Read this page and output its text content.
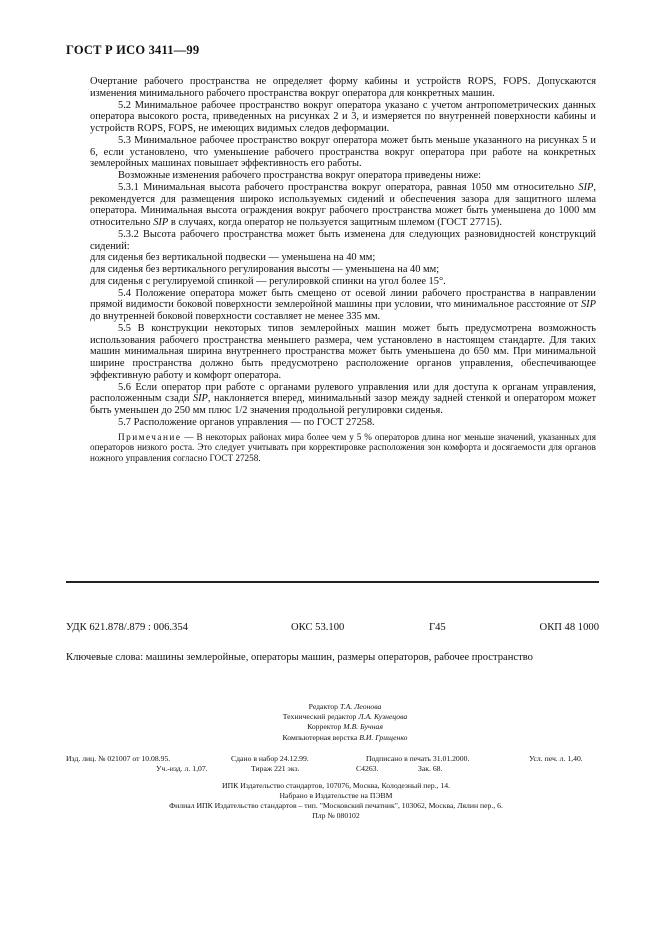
ГОСТ Р ИСО 3411—99

Очертание рабочего пространства не определяет форму кабины и устройств ROPS, FOPS. Допускаются изменения минимального рабочего пространства вокруг оператора для конкретных машин.

5.2 Минимальное рабочее пространство вокруг оператора указано с учетом антропометрических данных оператора высокого роста, приведенных на рисунках 2 и 3, и измеряется по внутренней поверхности кабины и устройств ROPS, FOPS, не имеющих видимых следов деформации.

5.3 Минимальное рабочее пространство вокруг оператора может быть меньше указанного на рисунках 5 и 6, если установлено, что уменьшение рабочего пространства вокруг оператора при работе на конкретных землеройных машинах повышает эффективность его работы.

Возможные изменения рабочего пространства вокруг оператора приведены ниже:

5.3.1 Минимальная высота рабочего пространства вокруг оператора, равная 1050 мм относительно SIP, рекомендуется для размещения широко используемых сидений и обеспечения зазора для защитного шлема оператора. Минимальная высота ограждения вокруг рабочего пространства может быть уменьшена до 1000 мм относительно SIP в случаях, когда оператор не пользуется защитным шлемом (ГОСТ 27715).

5.3.2 Высота рабочего пространства может быть изменена для следующих разновидностей конструкций сидений:

для сиденья без вертикальной подвески — уменьшена на 40 мм;

для сиденья без вертикального регулирования высоты — уменьшена на 40 мм;

для сиденья с регулируемой спинкой — регулировкой спинки на угол более 15°.

5.4 Положение оператора может быть смещено от осевой линии рабочего пространства в направлении прямой видимости боковой поверхности землеройной машины при условии, что минимальное расстояние от SIP до внутренней боковой поверхности составляет не менее 335 мм.

5.5 В конструкции некоторых типов землеройных машин может быть предусмотрена возможность использования рабочего пространства меньшего размера, чем установлено в настоящем стандарте. Для таких машин минимальная ширина внутреннего пространства может быть уменьшена до 650 мм. При минимальной ширине пространства должно быть предусмотрено расположение органов управления, обеспечивающее эффективную работу и комфорт оператора.

5.6 Если оператор при работе с органами рулевого управления или для доступа к органам управления, расположенным сзади SIP, наклоняется вперед, минимальный зазор между задней стенкой и оператором может быть уменьшен до 250 мм плюс 1/2 значения продольной регулировки сиденья.

5.7 Расположение органов управления — по ГОСТ 27258.

Примечание — В некоторых районах мира более чем у 5 % операторов длина ног меньше значений, указанных для операторов низкого роста. Это следует учитывать при корректировке расположения зон комфорта и досягаемости для органов ножного управления согласно ГОСТ 27258.

УДК 621.878/.879 : 006.354	ОКС 53.100	Г45	ОКП 48 1000
Ключевые слова: машины землеройные, операторы машин, размеры операторов, рабочее пространство
Редактор Т.А. Леонова
Технический редактор Л.А. Кузнецова
Корректор М.В. Бучная
Компьютерная верстка В.И. Грищенко
Изд. лиц. № 021007 от 10.08.95.	Сдано в набор 24.12.99.	Подписано в печать 31.01.2000.	Усл. печ. л. 1,40.
Уч.-изд. л. 1,07.	Тираж 221 экз.	С4263.	Зак. 68.
ИПК Издательство стандартов, 107076, Москва, Колодезный пер., 14.
Набрано в Издательстве на ПЭВМ
Филиал ИПК Издательство стандартов – тип. "Московский печатник", 103062, Москва, Лялин пер., 6.
Плр № 080102
